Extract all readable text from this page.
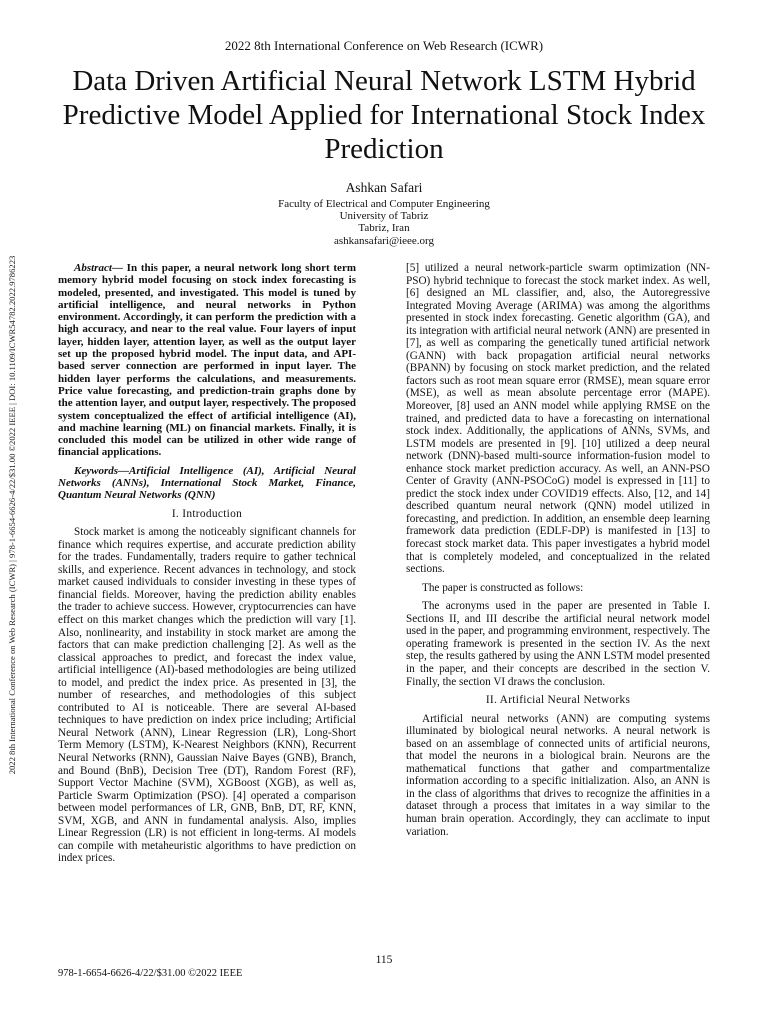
2022 8th International Conference on Web Research (ICWR)
Data Driven Artificial Neural Network LSTM Hybrid Predictive Model Applied for International Stock Index Prediction
Ashkan Safari
Faculty of Electrical and Computer Engineering
University of Tabriz
Tabriz, Iran
ashkansafari@ieee.org
2022 8th International Conference on Web Research (ICWR) | 978-1-6654-6626-4/22/$31.00 ©2022 IEEE | DOI: 10.1109/ICWR54782.2022.9786223	Abstract— In this paper, a neural network long short term memory hybrid model focusing on stock index forecasting is modeled, presented, and investigated. This model is tuned by artificial intelligence, and neural networks in Python environment. Accordingly, it can perform the prediction with a high accuracy, and near to the real value. Four layers of input layer, hidden layer, attention layer, as well as the output layer set up the proposed hybrid model. The input data, and API-based server connection are performed in input layer. The hidden layer performs the calculations, and measurements. Price value forecasting, and prediction-train graphs done by the attention layer, and output layer, respectively. The proposed system conceptualized the effect of artificial intelligence (AI), and machine learning (ML) on financial markets. Finally, it is concluded this model can be utilized in other wide range of financial applications.

Keywords—Artificial Intelligence (AI), Artificial Neural Networks (ANNs), International Stock Market, Finance, Quantum Neural Networks (QNN)

I. Introduction

Stock market is among the noticeably significant channels for finance which requires expertise, and accurate prediction ability for the trades. Fundamentally, traders require to gather technical skills, and experience. Recent advances in technology, and stock market caused individuals to consider investing in these types of financial fields. Moreover, having the prediction ability enables the trader to achieve success. However, cryptocurrencies can have effect on this market changes which the prediction will vary [1]. Also, nonlinearity, and instability in stock market are among the factors that can make prediction challenging [2]. As well as the classical approaches to predict, and forecast the index value, artificial intelligence (AI)-based methodologies are being utilized to model, and predict the index price. As presented in [3], the number of researches, and methodologies of this subject contributed to AI is noticeable. There are several AI-based techniques to have prediction on index price including; Artificial Neural Network (ANN), Linear Regression (LR), Long-Short Term Memory (LSTM), K-Nearest Neighbors (KNN), Recurrent Neural Networks (RNN), Gaussian Naive Bayes (GNB), Branch, and Bound (BnB), Decision Tree (DT), Random Forest (RF), Support Vector Machine (SVM), XGBoost (XGB), as well as, Particle Swarm Optimization (PSO). [4] operated a comparison between model performances of LR, GNB, BnB, DT, RF, KNN, SVM, XGB, and ANN in fundamental analysis. Also, implies Linear Regression (LR) is not efficient in long-terms. AI models can compile with metaheuristic algorithms to have prediction on index prices.

[5] utilized a neural network-particle swarm optimization (NN-PSO) hybrid technique to forecast the stock market index. As well, [6] designed an ML classifier, and, also, the Autoregressive Integrated Moving Average (ARIMA) was among the algorithms presented in stock index forecasting. Genetic algorithm (GA), and its integration with artificial neural network (ANN) are presented in [7], as well as comparing the genetically tuned artificial network (GANN) with back propagation artificial neural networks (BPANN) by focusing on stock market prediction, and the related factors such as root mean square error (RMSE), mean square error (MSE), as well as mean absolute percentage error (MAPE). Moreover, [8] used an ANN model while applying RMSE on the trained, and predicted data to have a forecasting on international stock index. Additionally, the applications of ANNs, SVMs, and LSTM models are presented in [9]. [10] utilized a deep neural network (DNN)-based multi-source information-fusion model to enhance stock market prediction accuracy. As well, an ANN-PSO Center of Gravity (ANN-PSOCoG) model is expressed in [11] to predict the stock index under COVID19 effects. Also, [12, and 14] described quantum neural network (QNN) model utilized in forecasting, and prediction. In addition, an ensemble deep learning framework data prediction (EDLF-DP) is manifested in [13] to forecast stock market data. This paper investigates a hybrid model that is completely modeled, and conceptualized in the related sections.

The paper is constructed as follows:

The acronyms used in the paper are presented in Table I. Sections II, and III describe the artificial neural network model used in the paper, and programming environment, respectively. The operating framework is presented in the section IV. As the next step, the results gathered by using the ANN LSTM model presented in the paper, and their concepts are described in the section V. Finally, the section VI draws the conclusion.

II. Artificial Neural Networks

Artificial neural networks (ANN) are computing systems illuminated by biological neural networks. A neural network is based on an assemblage of connected units of artificial neurons, that model the neurons in a biological brain. Neurons are the mathematical functions that gather and compartmentalize information according to a specific initialization. Also, an ANN is in the class of algorithms that drives to recognize the affinities in a dataset through a process that imitates in a way similar to the human brain operation. Accordingly, they can acclimate to input variation.

115
978-1-6654-6626-4/22/$31.00 ©2022 IEEE
